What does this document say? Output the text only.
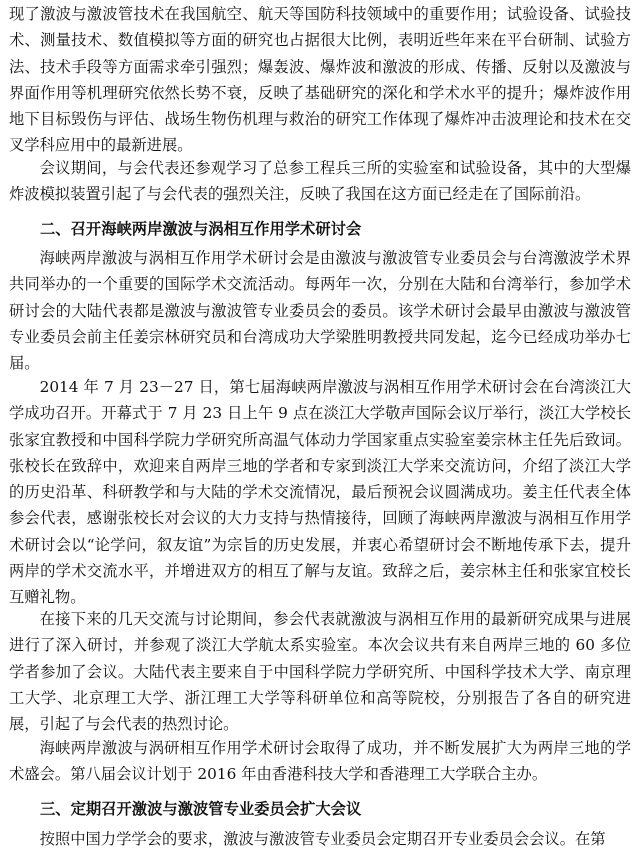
现了激波与激波管技术在我国航空、航天等国防科技领域中的重要作用；试验设备、试验技术、测量技术、数值模拟等方面的研究也占据很大比例，表明近些年来在平台研制、试验方法、技术手段等方面需求牵引强烈；爆轰波、爆炸波和激波的形成、传播、反射以及激波与界面作用等机理研究依然长势不衰，反映了基础研究的深化和学术水平的提升；爆炸波作用地下目标毁伤与评估、战场生物伤机理与救治的研究工作体现了爆炸冲击波理论和技术在交叉学科应用中的最新进展。

会议期间，与会代表还参观学习了总参工程兵三所的实验室和试验设备，其中的大型爆炸波模拟装置引起了与会代表的强烈关注，反映了我国在这方面已经走在了国际前沿。

二、召开海峡两岸激波与涡相互作用学术研讨会

海峡两岸激波与涡相互作用学术研讨会是由激波与激波管专业委员会与台湾激波学术界共同举办的一个重要的国际学术交流活动。每两年一次，分别在大陆和台湾举行，参加学术研讨会的大陆代表都是激波与激波管专业委员会的委员。该学术研讨会最早由激波与激波管专业委员会前主任姜宗林研究员和台湾成功大学梁胜明教授共同发起，迄今已经成功举办七届。

2014 年 7 月 23－27 日，第七届海峡两岸激波与涡相互作用学术研讨会在台湾淡江大学成功召开。开幕式于 7 月 23 日上午 9 点在淡江大学敬声国际会议厅举行，淡江大学校长张家宜教授和中国科学院力学研究所高温气体动力学国家重点实验室姜宗林主任先后致词。张校长在致辞中，欢迎来自两岸三地的学者和专家到淡江大学来交流访问，介绍了淡江大学的历史沿革、科研教学和与大陆的学术交流情况，最后预祝会议圆满成功。姜主任代表全体参会代表，感谢张校长对会议的大力支持与热情接待，回顾了海峡两岸激波与涡相互作用学术研讨会以“论学问，叙友谊”为宗旨的历史发展，并衷心希望研讨会不断地传承下去，提升两岸的学术交流水平，并增进双方的相互了解与友谊。致辞之后，姜宗林主任和张家宜校长互赠礼物。

在接下来的几天交流与讨论期间，参会代表就激波与涡相互作用的最新研究成果与进展进行了深入研讨，并参观了淡江大学航太系实验室。本次会议共有来自两岸三地的 60 多位学者参加了会议。大陆代表主要来自于中国科学院力学研究所、中国科学技术大学、南京理工大学、北京理工大学、浙江理工大学等科研单位和高等院校，分别报告了各自的研究进展，引起了与会代表的热烈讨论。

海峡两岸激波与涡研相互作用学术研讨会取得了成功，并不断发展扩大为两岸三地的学术盛会。第八届会议计划于 2016 年由香港科技大学和香港理工大学联合主办。

三、定期召开激波与激波管专业委员会扩大会议

按照中国力学学会的要求，激波与激波管专业委员会定期召开专业委员会会议。在第
